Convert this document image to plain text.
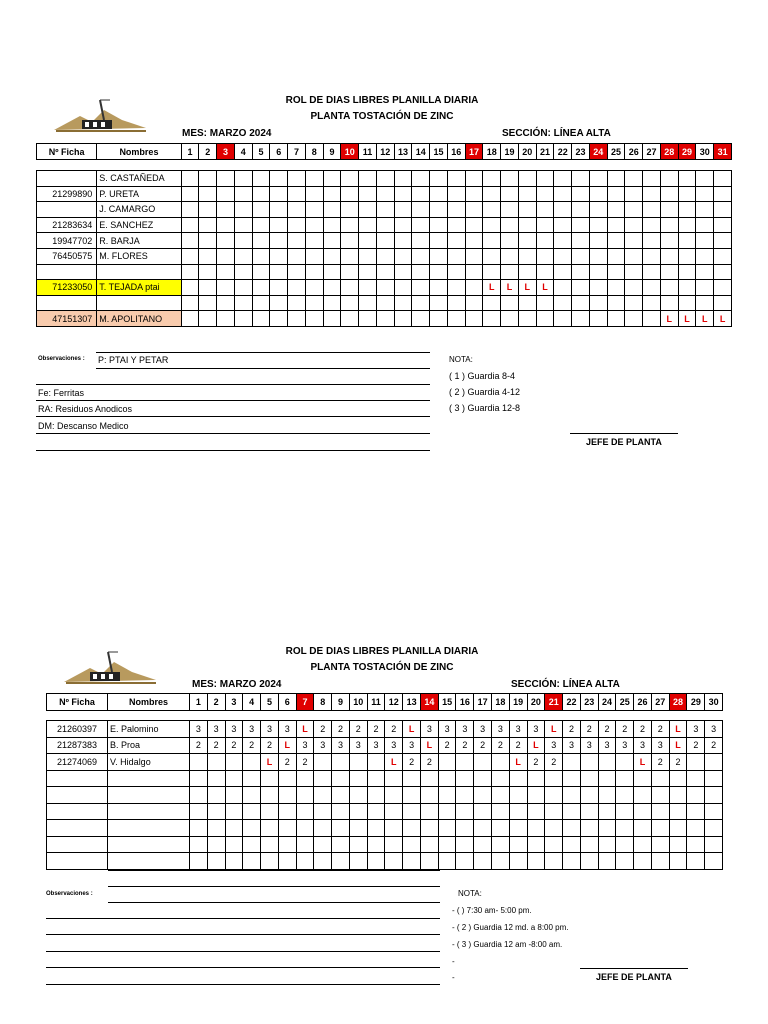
ROL DE DIAS LIBRES PLANILLA DIARIA
PLANTA TOSTACIÓN DE ZINC
MES: MARZO 2024	SECCIÓN: LÍNEA ALTA
Nº Ficha	Nombres	1	2	3	4	5	6	7	8	9	10	11	12	13	14	15	16	17	18	19	20	21	22	23	24	25	26	27	28	29	30	31

	S. CASTAÑEDA																															
21299890	P. URETA																															
	J. CAMARGO																															
21283634	E. SANCHEZ																															
19947702	R. BARJA																															
76450575	M. FLORES																															

71233050	T. TEJADA ptai																		L	L	L	L										

47151307	M. APOLITANO																												L	L	L	L
Observaciones : P: PTAI Y PETAR
Fe: Ferritas
RA: Residuos Anodicos
DM: Descanso Medico
NOTA:
( 1 ) Guardia 8-4
( 2 ) Guardia 4-12
( 3 ) Guardia 12-8
JEFE DE PLANTA
ROL DE DIAS LIBRES PLANILLA DIARIA
PLANTA TOSTACIÓN DE ZINC
MES: MARZO 2024	SECCIÓN: LÍNEA ALTA
Nº Ficha	Nombres	1	2	3	4	5	6	7	8	9	10	11	12	13	14	15	16	17	18	19	20	21	22	23	24	25	26	27	28	29	30

21260397	E. Palomino	3	3	3	3	3	3	L	2	2	2	2	2	L	3	3	3	3	3	3	3	L	2	2	2	2	2	2	L	3	3
21287383	B. Proa	2	2	2	2	2	L	3	3	3	3	3	3	3	L	2	2	2	2	2	L	3	3	3	3	3	3	3	L	2	2
21274069	V. Hidalgo					L	2	2					L	2	2					L	2	2					L	2	2		

Observaciones :	NOTA:
- ( ) 7:30 am- 5:00 pm.
- ( 2 ) Guardia 12 md. a 8:00 pm.
- ( 3 ) Guardia 12 am -8:00 am.
-
-	JEFE DE PLANTA
